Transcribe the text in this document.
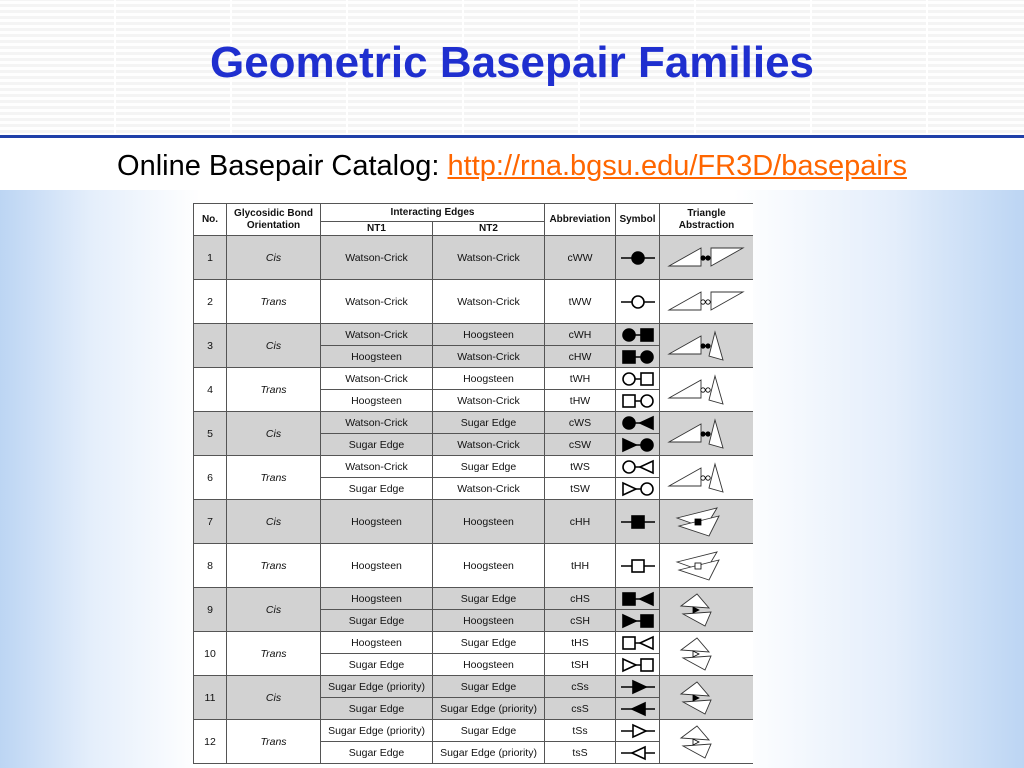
Geometric Basepair Families
Online Basepair Catalog: http://rna.bgsu.edu/FR3D/basepairs
No.	Glycosidic Bond Orientation	Interacting Edges		Abbreviation	Symbol	Triangle Abstraction
		NT1	NT2			
1	Cis	Watson-Crick	Watson-Crick	cWW	

2	Trans	Watson-Crick	Watson-Crick	tWW	

3	Cis	Watson-Crick	Hoogsteen	cWH	

		Hoogsteen	Watson-Crick	cHW	

4	Trans	Watson-Crick	Hoogsteen	tWH	

		Hoogsteen	Watson-Crick	tHW	

5	Cis	Watson-Crick	Sugar Edge	cWS	

		Sugar Edge	Watson-Crick	cSW	

6	Trans	Watson-Crick	Sugar Edge	tWS	

		Sugar Edge	Watson-Crick	tSW	

7	Cis	Hoogsteen	Hoogsteen	cHH	

8	Trans	Hoogsteen	Hoogsteen	tHH	

9	Cis	Hoogsteen	Sugar Edge	cHS	

		Sugar Edge	Hoogsteen	cSH	

10	Trans	Hoogsteen	Sugar Edge	tHS	

		Sugar Edge	Hoogsteen	tSH	

11	Cis	Sugar Edge (priority)	Sugar Edge	cSs	

		Sugar Edge	Sugar Edge (priority)	csS	

12	Trans	Sugar Edge (priority)	Sugar Edge	tSs	

		Sugar Edge	Sugar Edge (priority)	tsS	
